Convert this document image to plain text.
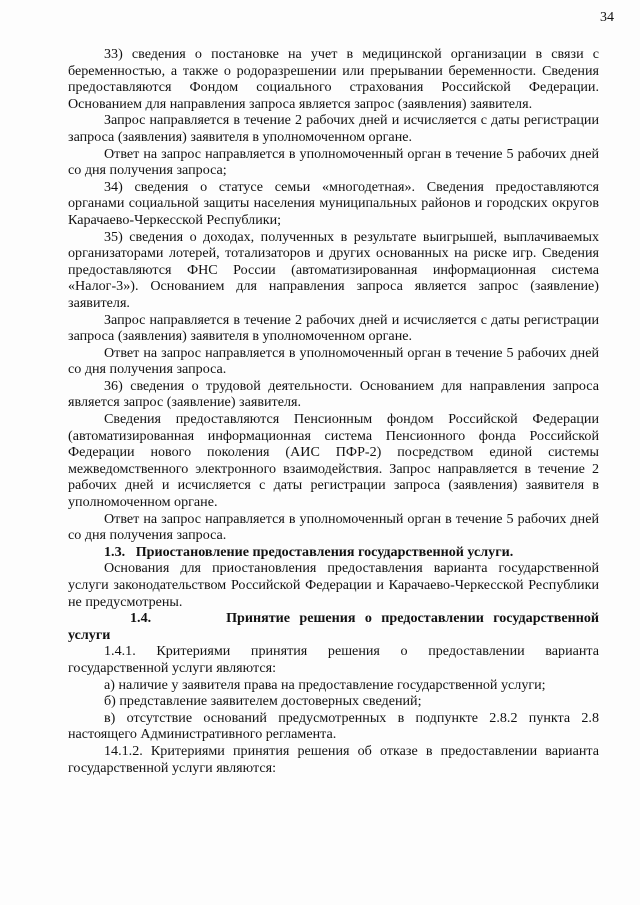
34

33) сведения о постановке на учет в медицинской организации в связи с беременностью, а также о родоразрешении или прерывании беременности. Сведения предоставляются Фондом социального страхования Российской Федерации. Основанием для направления запроса является запрос (заявления) заявителя.

Запрос направляется в течение 2 рабочих дней и исчисляется с даты регистрации запроса (заявления) заявителя в уполномоченном органе.

Ответ на запрос направляется в уполномоченный орган в течение 5 рабочих дней со дня получения запроса;

34) сведения о статусе семьи «многодетная». Сведения предоставляются органами социальной защиты населения муниципальных районов и городских округов Карачаево-Черкесской Республики;

35) сведения о доходах, полученных в результате выигрышей, выплачиваемых организаторами лотерей, тотализаторов и других основанных на риске игр. Сведения предоставляются ФНС России (автоматизированная информационная система «Налог-3»). Основанием для направления запроса является запрос (заявление) заявителя.

Запрос направляется в течение 2 рабочих дней и исчисляется с даты регистрации запроса (заявления) заявителя в уполномоченном органе.

Ответ на запрос направляется в уполномоченный орган в течение 5 рабочих дней со дня получения запроса.

36) сведения о трудовой деятельности. Основанием для направления запроса является запрос (заявление) заявителя.

Сведения предоставляются Пенсионным фондом Российской Федерации (автоматизированная информационная система Пенсионного фонда Российской Федерации нового поколения (АИС ПФР-2) посредством единой системы межведомственного электронного взаимодействия. Запрос направляется в течение 2 рабочих дней и исчисляется с даты регистрации запроса (заявления) заявителя в уполномоченном органе.

Ответ на запрос направляется в уполномоченный орган в течение 5 рабочих дней со дня получения запроса.

1.3.   Приостановление предоставления государственной услуги.

Основания для приостановления предоставления варианта государственной услуги законодательством Российской Федерации и Карачаево-Черкесской Республики не предусмотрены.

1.4.	Принятие решения о предоставлении государственной

услуги

1.4.1. Критериями принятия решения о предоставлении варианта государственной услуги являются:

а) наличие у заявителя права на предоставление государственной услуги;

б) представление заявителем достоверных сведений;

в) отсутствие оснований предусмотренных в подпункте 2.8.2 пункта 2.8 настоящего Административного регламента.

14.1.2. Критериями принятия решения об отказе в предоставлении варианта государственной услуги являются:
